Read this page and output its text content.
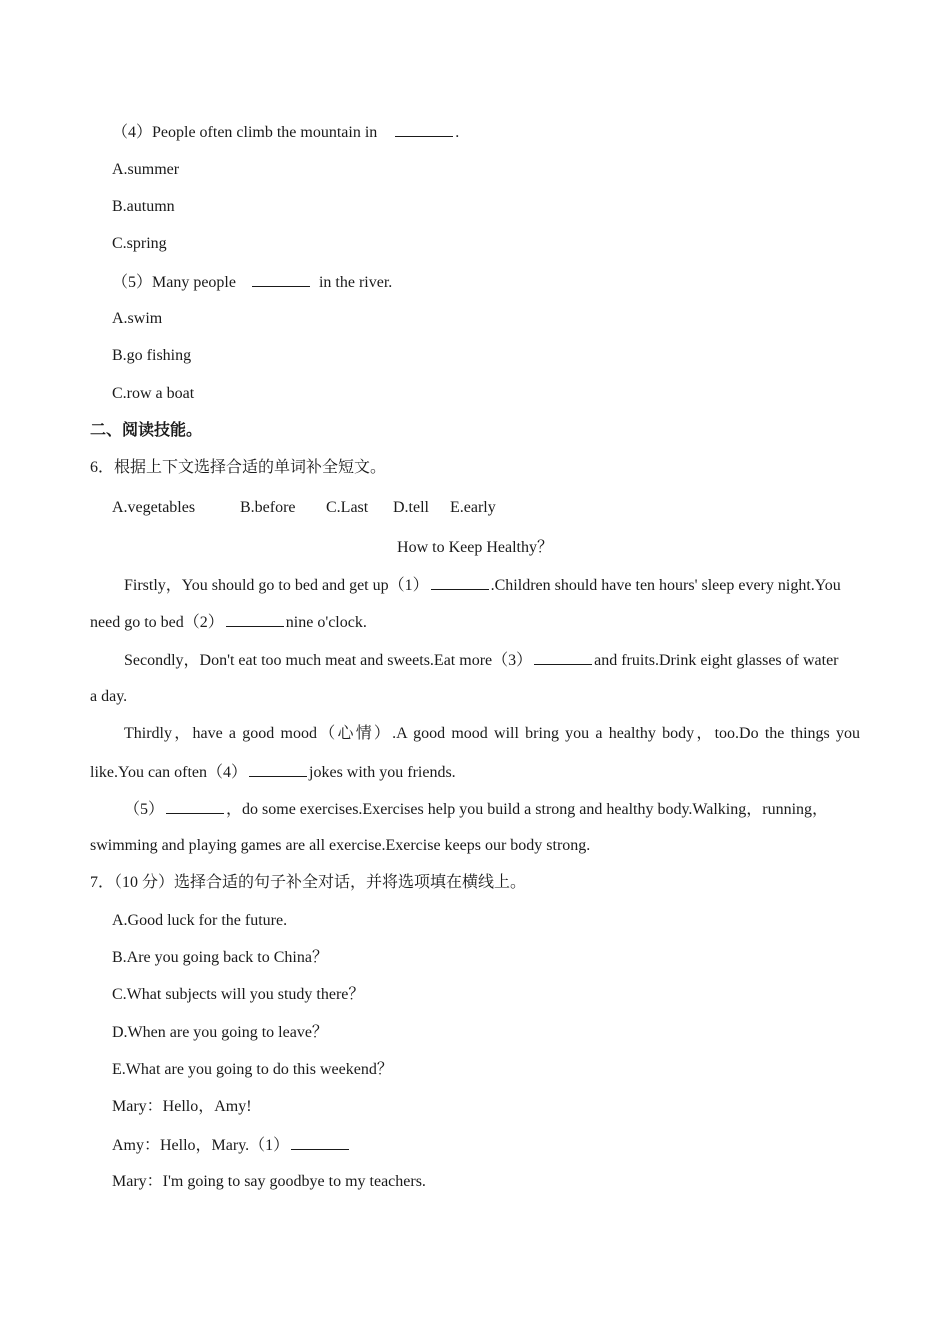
（4）People often climb the mountain in	.
A.summer
B.autumn
C.spring
（5）Many people	in the river.
A.swim
B.go fishing
C.row a boat
二、阅读技能。
6．根据上下文选择合适的单词补全短文。
A.vegetables	B.before C.Last D.tell E.early
How to Keep Healthy？
Firstly，You should go to bed and get up（1）	.Children should have ten hours' sleep every night.You
need go to bed（2）	nine o'clock.
Secondly，Don't eat too much meat and sweets.Eat more（3）	and fruits.Drink eight glasses of water
a day.
Thirdly，have a good mood（心情）.A good mood will bring you a healthy body，too.Do the things you
like.You can often（4）	jokes with you friends.
（5）	，do some exercises.Exercises help you build a strong and healthy body.Walking，running，
swimming and playing games are all exercise.Exercise keeps our body strong.
7．（10 分）选择合适的句子补全对话，并将选项填在横线上。
A.Good luck for the future.
B.Are you going back to China？
C.What subjects will you study there？
D.When are you going to leave？
E.What are you going to do this weekend？
Mary：Hello，Amy!
Amy：Hello，Mary.（1）
Mary：I'm going to say goodbye to my teachers.
